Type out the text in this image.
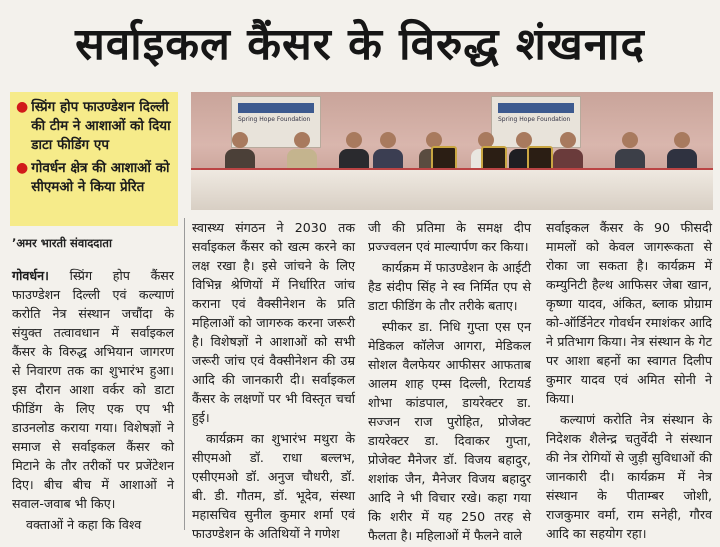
सर्वाइकल कैंसर के विरुद्ध शंखनाद
● स्प्रिंग होप फाउण्डेशन दिल्ली की टीम ने आशाओं को दिया डाटा फीडिंग एप
● गोवर्धन क्षेत्र की आशाओं को सीएमओ ने किया प्रेरित
ʼअमर भारती संवाददाता
Spring Hope Foundation	Spring Hope Foundation

गोवर्धन। स्प्रिंग होप कैंसर फाउण्डेशन दिल्ली एवं कल्याणं करोति नेत्र संस्थान जचौंदा के संयुक्त तत्वावधान में सर्वाइकल कैंसर के विरुद्ध अभियान जागरण से निवारण तक का शुभारंभ हुआ। इस दौरान आशा वर्कर को डाटा फीडिंग के लिए एक एप भी डाउनलोड कराया गया। विशेषज्ञों ने समाज से सर्वाइकल कैंसर को मिटाने के तौर तरीकों पर प्रजेंटेशन दिए। बीच बीच में आशाओं ने सवाल-जवाब भी किए।

वक्ताओं ने कहा कि विश्व

स्वास्थ्य संगठन ने 2030 तक सर्वाइकल कैंसर को खत्म करने का लक्ष रखा है। इसे जांचने के लिए विभिन्न श्रेणियों में निर्धारित जांच कराना एवं वैक्सीनेशन के प्रति महिलाओं को जागरुक करना जरूरी है। विशेषज्ञों ने आशाओं को सभी जरूरी जांच एवं वैक्सीनेशन की उम्र आदि की जानकारी दी। सर्वाइकल कैंसर के लक्षणों पर भी विस्तृत चर्चा हुई।

कार्यक्रम का शुभारंभ मथुरा के सीएमओ डॉ. राधा बल्लभ, एसीएमओ डॉ. अनुज चौधरी, डॉ. बी. डी. गौतम, डॉ. भूदेव, संस्था महासचिव सुनील कुमार शर्मा एवं फाउण्डेशन के अतिथियों ने गणेश

जी की प्रतिमा के समक्ष दीप प्रज्ज्वलन एवं माल्यार्पण कर किया।

कार्यक्रम में फाउण्डेशन के आईटी हैड संदीप सिंह ने स्व निर्मित एप से डाटा फीडिंग के तौर तरीके बताए।

स्पीकर डा. निधि गुप्ता एस एन मेडिकल कॉलेज आगरा, मेडिकल सोशल वैलफेयर आफीसर आफताब आलम शाह एम्स दिल्ली, रिटायर्ड शोभा कांडपाल, डायरेक्टर डा. सज्जन राज पुरोहित, प्रोजेक्ट डायरेक्टर डा. दिवाकर गुप्ता, प्रोजेक्ट मैनेजर डॉ. विजय बहादुर, शशांक जैन, मैनेजर विजय बहादुर आदि ने भी विचार रखे। कहा गया कि शरीर में यह 250 तरह से फैलता है। महिलाओं में फैलने वाले

सर्वाइकल कैंसर के 90 फीसदी मामलों को केवल जागरूकता से रोका जा सकता है। कार्यक्रम में कम्युनिटी हैल्थ आफिसर जेबा खान, कृष्णा यादव, अंकित, ब्लाक प्रोग्राम को-ऑर्डिनेटर गोवर्धन रमाशंकर आदि ने प्रतिभाग किया। नेत्र संस्थान के गेट पर आशा बहनों का स्वागत दिलीप कुमार यादव एवं अमित सोनी ने किया।

कल्याणं करोति नेत्र संस्थान के निदेशक शैलेन्द्र चतुर्वेदी ने संस्थान की नेत्र रोगियों से जुड़ी सुविधाओं की जानकारी दी। कार्यक्रम में नेत्र संस्थान के पीताम्बर जोशी, राजकुमार वर्मा, राम सनेही, गौरव आदि का सहयोग रहा।
